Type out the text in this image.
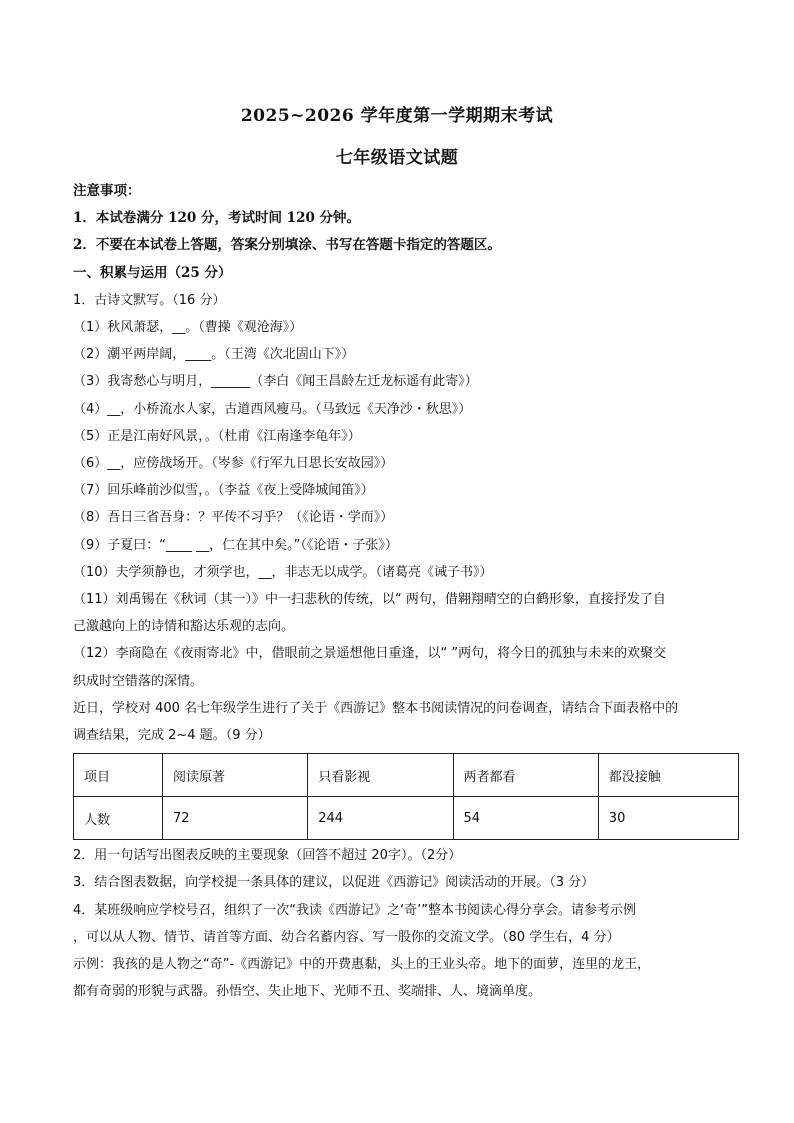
2025~2026 学年度第一学期期末考试
七年级语文试题
注意事项：
1．本试卷满分 120 分，考试时间 120 分钟。
2．不要在本试卷上答题，答案分别填涂、书写在答题卡指定的答题区。
一、积累与运用（25 分）
1．古诗文默写。（16 分）
（1）秋风萧瑟，__。（曹操《观沧海》）
（2）潮平两岸阔，____。（王湾《次北固山下》）
（3）我寄愁心与明月，______（李白《闻王昌龄左迁龙标遥有此寄》）
（4）__，小桥流水人家，古道西风瘦马。（马致远《天净沙・秋思》）
（5）正是江南好风景，。（杜甫《江南逢李龟年》）
（6）__，应傍战场开。（岑参《行军九日思长安故园》）
（7）回乐峰前沙似雪，。（李益《夜上受降城闻笛》）
（8）吾日三省吾身：？平传不习乎？（《论语・学而》）
（9）子夏曰：“____ __，仁在其中矣。”（《论语・子张》）
（10）夫学须静也，才须学也，__，非志无以成学。（诸葛亮《诫子书》）
（11）刘禹锡在《秋词（其一）》中一扫悲秋的传统，以“ 两句，借翱翔晴空的白鹤形象，直接抒发了自
己激越向上的诗情和豁达乐观的志向。
（12）李商隐在《夜雨寄北》中，借眼前之景遥想他日重逢，以“ ”两句，将今日的孤独与未来的欢聚交
织成时空错落的深情。
近日，学校对 400 名七年级学生进行了关于《西游记》整本书阅读情况的问卷调查，请结合下面表格中的
调查结果，完成 2~4 题。（9 分）
项目	阅读原著	只看影视	两者都看	都没接触
人数	72	244	54	30
2．用一句话写出图表反映的主要现象（回答不超过 20字）。（2分）
3．结合图表数据，向学校提一条具体的建议，以促进《西游记》阅读活动的开展。（3 分）
4．某班级响应学校号召，组织了一次“我读《西游记》之‘奇’”整本书阅读心得分享会。请参考示例
，可以从人物、情节、请首等方面、幼合名蓄内容、写一股你的交流文学。（80 学生右，4 分）
示例：我孩的是人物之“奇”-《西游记》中的开费惠黏，头上的王业头帝。地下的面萝，连里的龙王，
都有奇弱的形貌与武器。孙悟空、失止地下、光师不丑、奖端排、人、境滴单度。
